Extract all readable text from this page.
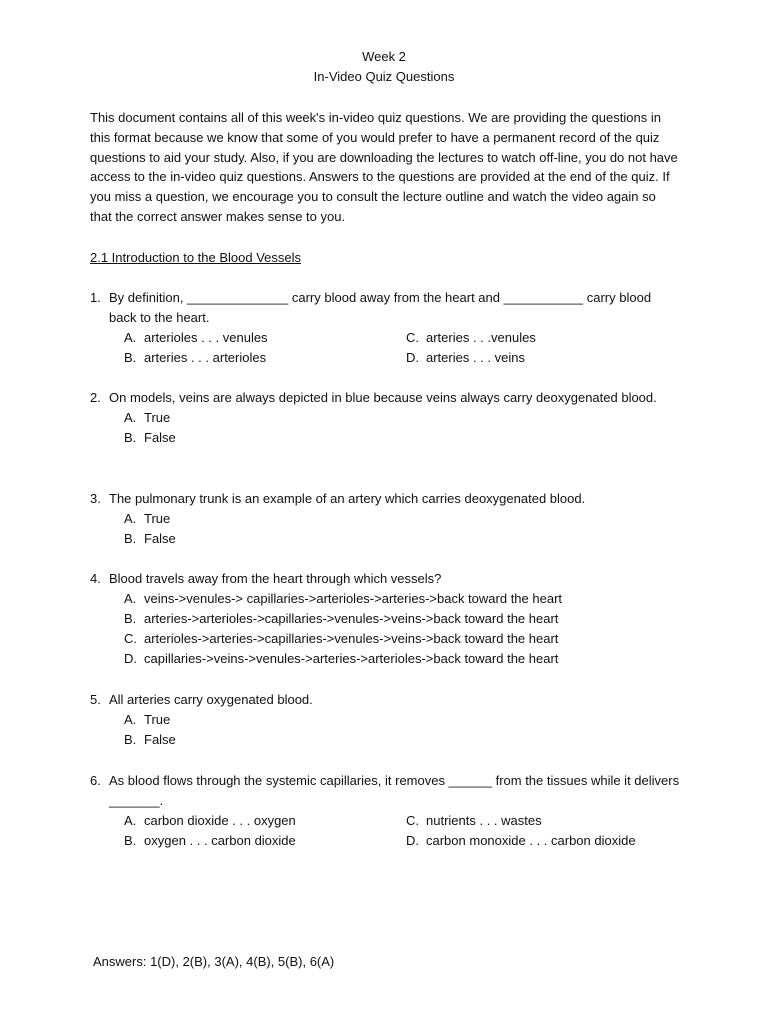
Week 2
In-Video Quiz Questions
This document contains all of this week's in-video quiz questions. We are providing the questions in this format because we know that some of you would prefer to have a permanent record of the quiz questions to aid your study. Also, if you are downloading the lectures to watch off-line, you do not have access to the in-video quiz questions. Answers to the questions are provided at the end of the quiz. If you miss a question, we encourage you to consult the lecture outline and watch the video again so that the correct answer makes sense to you.
2.1 Introduction to the Blood Vessels
1. By definition, ______________ carry blood away from the heart and ___________ carry blood back to the heart.
A. arterioles . . . venules	C. arteries . . .venules
B. arteries . . . arterioles	D. arteries . . . veins
2. On models, veins are always depicted in blue because veins always carry deoxygenated blood.
A. True
B. False
3. The pulmonary trunk is an example of an artery which carries deoxygenated blood.
A. True
B. False
4. Blood travels away from the heart through which vessels?
A. veins->venules-> capillaries->arterioles->arteries->back toward the heart
B. arteries->arterioles->capillaries->venules->veins->back toward the heart
C. arterioles->arteries->capillaries->venules->veins->back toward the heart
D. capillaries->veins->venules->arteries->arterioles->back toward the heart
5. All arteries carry oxygenated blood.
A. True
B. False
6. As blood flows through the systemic capillaries, it removes ______ from the tissues while it delivers _______.
A. carbon dioxide . . . oxygen	C. nutrients . . . wastes
B. oxygen . . . carbon dioxide	D. carbon monoxide . . . carbon dioxide
Answers: 1(D), 2(B), 3(A), 4(B), 5(B), 6(A)
